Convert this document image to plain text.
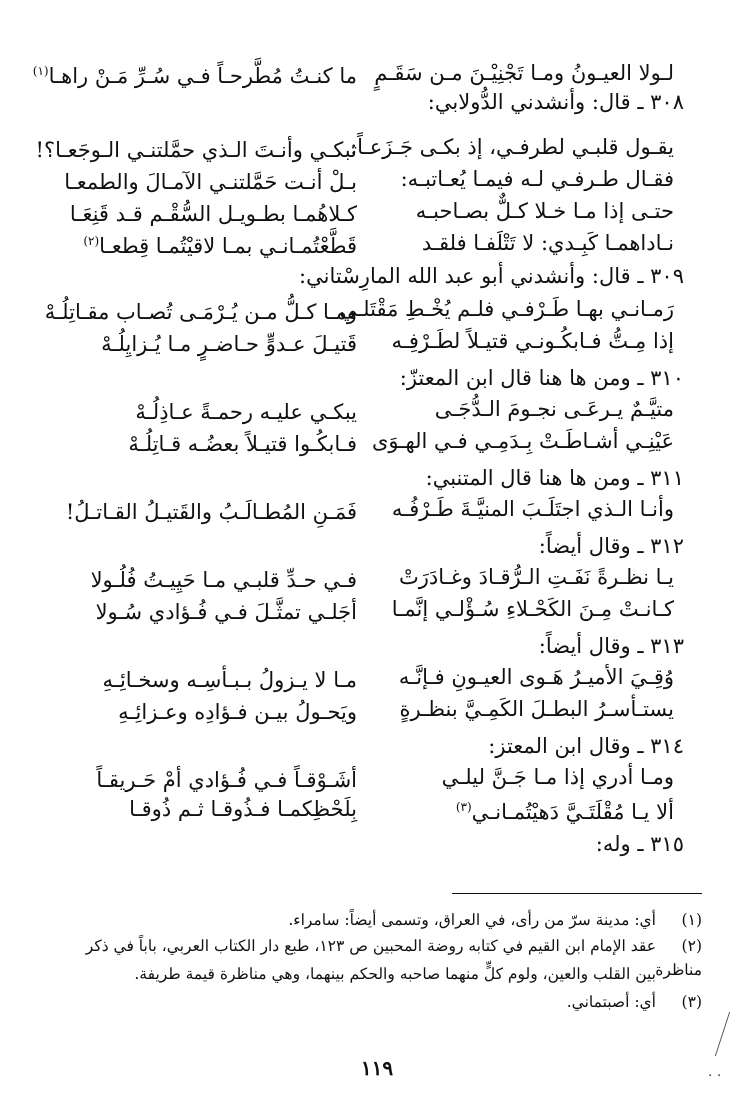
لـولا العيـونُ ومـا تَجْنِيْـنَ مـن سَقَـمٍ
ما كنـتُ مُطَّرحـاً فـي سُـرِّ مَـنْ راهـا$^{(١)}$
٣٠٨ ـ قال: وأنشدني الدُّولابي:
يقـول قلبـي لطرفـي، إذ بكـى جَـزَعـاً:
تبكـي وأنـتَ الـذي حمَّلتنـي الـوجَعـا؟!
فقـال طـرفـي لـه فيمـا يُعـاتبـه:
بـلْ أنـت حَمَّلتنـي الآمـالَ والطمعـا
حتـى إذا مـا خـلا كـلٌّ بصـاحبـه
كـلاهُمـا بطـويـل السُّقْـم قـد قَنِعَـا
نـاداهمـا كَبِـدي: لا تَتْلَفـا فلقـد
قَطَّعْتُمـانـي بمـا لاقيْتُمـا قِطعـا$^{(٢)}$
٣٠٩ ـ قال: وأنشدني أبو عبد الله المارِسْتاني:
رَمـانـي بهـا طَـرْفـي فلـم يُخْـطِ مَقْتَلـي
ومـا كـلُّ مـن يُـرْمَـى تُصـاب مقـاتِلُـهْ
إذا مِـتُّ فـابكُـونـي قتيـلاً لطَـرْفِـه
قَتيـلَ عـدوٍّ حـاضـرٍ مـا يُـزايِلُـهْ
٣١٠ ـ ومن ها هنا قال ابن المعتزّ:
متيَّـمٌ يـرعَـى نجـومَ الـدُّجَـى
يبكـي عليـه رحمـةً عـاذِلُـهْ
عَيْنِـي أشـاطَـتْ بِـدَمِـي فـي الهـوَى
فـابكُـوا قتيـلاً بعضُـه قـاتِلُـهْ
٣١١ ـ ومن ها هنا قال المتنبي:
وأنـا الـذي اجتَلَـبَ المنيَّـةَ طَـرْفُـه
فَمَـنِ المُطـالَـبُ والقَتيـلُ القـاتـلُ!
٣١٢ ـ وقال أيضاً:
يـا نظـرةً نَفَـتِ الـرُّقـادَ وغـادَرَتْ
فـي حـدِّ قلبـي مـا حَيِيـتُ فُلُـولا
كـانـتْ مِـنَ الكَحْـلاءِ سُـؤْلـي إنَّمـا
أجَلـي تمثَّـلَ فـي فُـؤادي سُـولا
٣١٣ ـ وقال أيضاً:
وُقِـيَ الأميـرُ هَـوى العيـونِ فـإنَّـه
مـا لا يـزولُ بـبـأسِـه وسخـائِـهِ
يستـأسـرُ البطـلَ الكَمِـيَّ بنظـرةٍ
ويَحـولُ بيـن فـؤادِه وعـزائِـهِ
٣١٤ ـ وقال ابن المعتز:
ومـا أدري إذا مـا جَـنَّ ليلـي
أشَـوْقـاً فـي فُـؤادي أمْ حَـريقـاً
ألا يـا مُقْلَتَـيَّ دَهيْتُمـانـي$^{(٣)}$
بِلَحْظِكمـا فـذُوقـا ثـم ذُوقـا
٣١٥ ـ وله:
(١)أي: مدينة سرّ من رأى، في العراق، وتسمى أيضاً: سامراء.
(٢)عقد الإمام ابن القيم في كتابه روضة المحبين ص ١٢٣، طبع دار الكتاب العربي، باباً في ذكر مناظرة
بين القلب والعين، ولوم كلٍّ منهما صاحبه والحكم بينهما، وهي مناظرة قيمة طريفة.
(٣)أي: أصبتماني.
١١٩	· ·
